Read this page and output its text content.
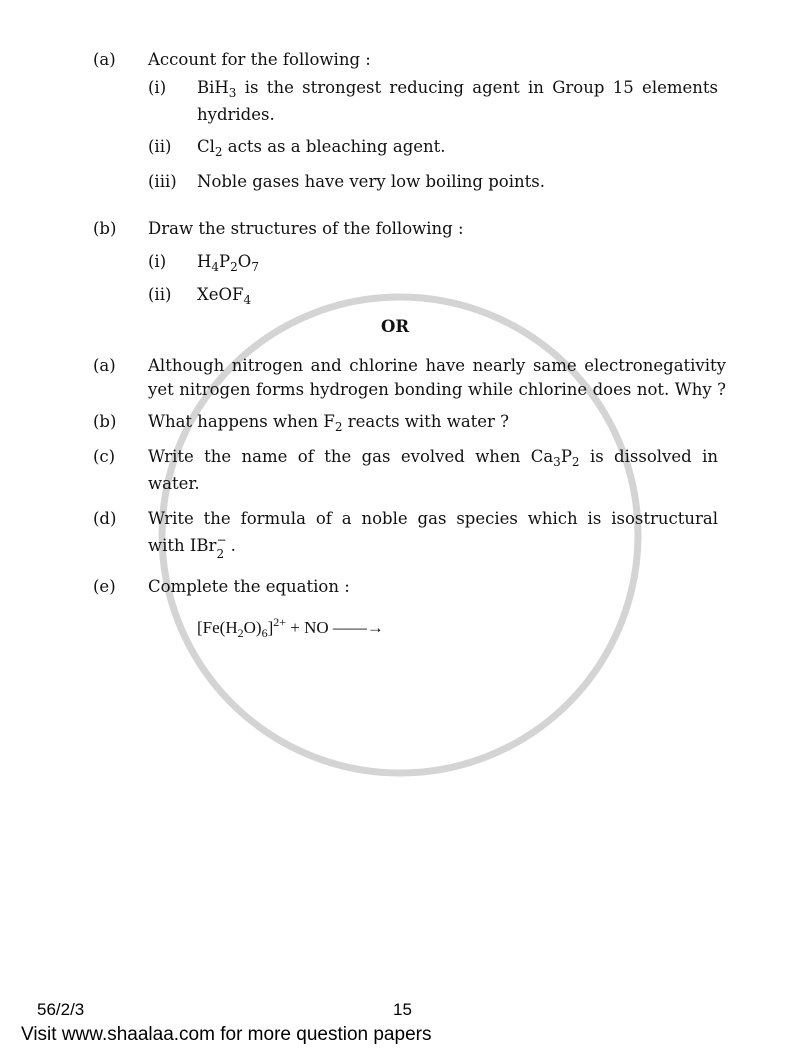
(a) Account for the following :
(i) BiH$_3$ is the strongest reducing agent in Group 15 elements
hydrides.
(ii) $Cl_2$ acts as a bleaching agent.
(iii) Noble gases have very low boiling points.
(b) Draw the structures of the following :
(i) $H_4P_2O_7$
(ii) XeOF$_4$
OR
(a) Although nitrogen and chlorine have nearly same electronegativity
yet nitrogen forms hydrogen bonding while chlorine does not. Why ?
(b) What happens when $F_2$ reacts with water ?
(c) Write the name of the gas evolved when $Ca_3P_2$ is dissolved in
water.
(d) Write the formula of a noble gas species which is isostructural
with IBr −
2 .
(e) Complete the equation :
$[Fe(H_2O)_6]^{2+}$ + NO ——→
56/2/3	15
Visit www.shaalaa.com for more question papers
